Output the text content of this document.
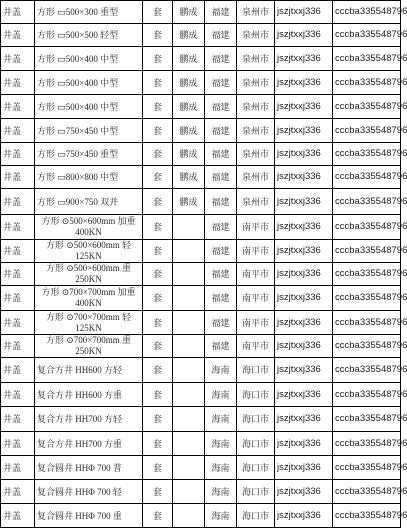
井盖	方形 ▭500×300 重型	套	鹏成	福建	泉州市	jszjtxxj336	cccba335548796
井盖	方形 ▭500×500 轻型	套	鹏成	福建	泉州市	jszjtxxj336	cccba335548796
井盖	方形 ▭500×400 中型	套	鹏成	福建	泉州市	jszjtxxj336	cccba335548796
井盖	方形 ▭500×400 中型	套	鹏成	福建	泉州市	jszjtxxj336	cccba335548796
井盖	方形 ▭500×400 中型	套	鹏成	福建	泉州市	jszjtxxj336	cccba335548796
井盖	方形 ▭750×450 中型	套	鹏成	福建	泉州市	jszjtxxj336	cccba335548796
井盖	方形 ▭750×450 重型	套	鹏成	福建	泉州市	jszjtxxj336	cccba335548796
井盖	方形 ▭800×800 中型	套	鹏成	福建	泉州市	jszjtxxj336	cccba335548796
井盖	方形 ▭900×750 双并	套	鹏成	福建	泉州市	jszjtxxj336	cccba335548796
井盖	方形 ⊙500×600mm 加重 400KN	套		福建	南平市	jszjtxxj336	cccba335548796
井盖	方形 ⊙500×600mm 轻 125KN	套		福建	南平市	jszjtxxj336	cccba335548796
井盖	方形 ⊙500×600mm 重 250KN	套		福建	南平市	jszjtxxj336	cccba335548796
井盖	方形 ⊙700×700mm 加重 400KN	套		福建	南平市	jszjtxxj336	cccba335548796
井盖	方形 ⊙700×700mm 轻 125KN	套		福建	南平市	jszjtxxj336	cccba335548796
井盖	方形 ⊙700×700mm 重 250KN	套		福建	南平市	jszjtxxj336	cccba335548796
井盖	复合方井 HH600 方轻	套		海南	海口市	jszjtxxj336	cccba335548796
井盖	复合方井 HH600 方重	套		海南	海口市	jszjtxxj336	cccba335548796
井盖	复合方井 HH700 方轻	套		海南	海口市	jszjtxxj336	cccba335548796
井盖	复合方井 HH700 方重	套		海南	海口市	jszjtxxj336	cccba335548796
井盖	复合圆井 HHΦ 700 普	套		海南	海口市	jszjtxxj336	cccba335548796
井盖	复合圆井 HHΦ 700 轻	套		海南	海口市	jszjtxxj336	cccba335548796
井盖	复合圆井 HHΦ 700 重	套		海南	海口市	jszjtxxj336	cccba335548796
